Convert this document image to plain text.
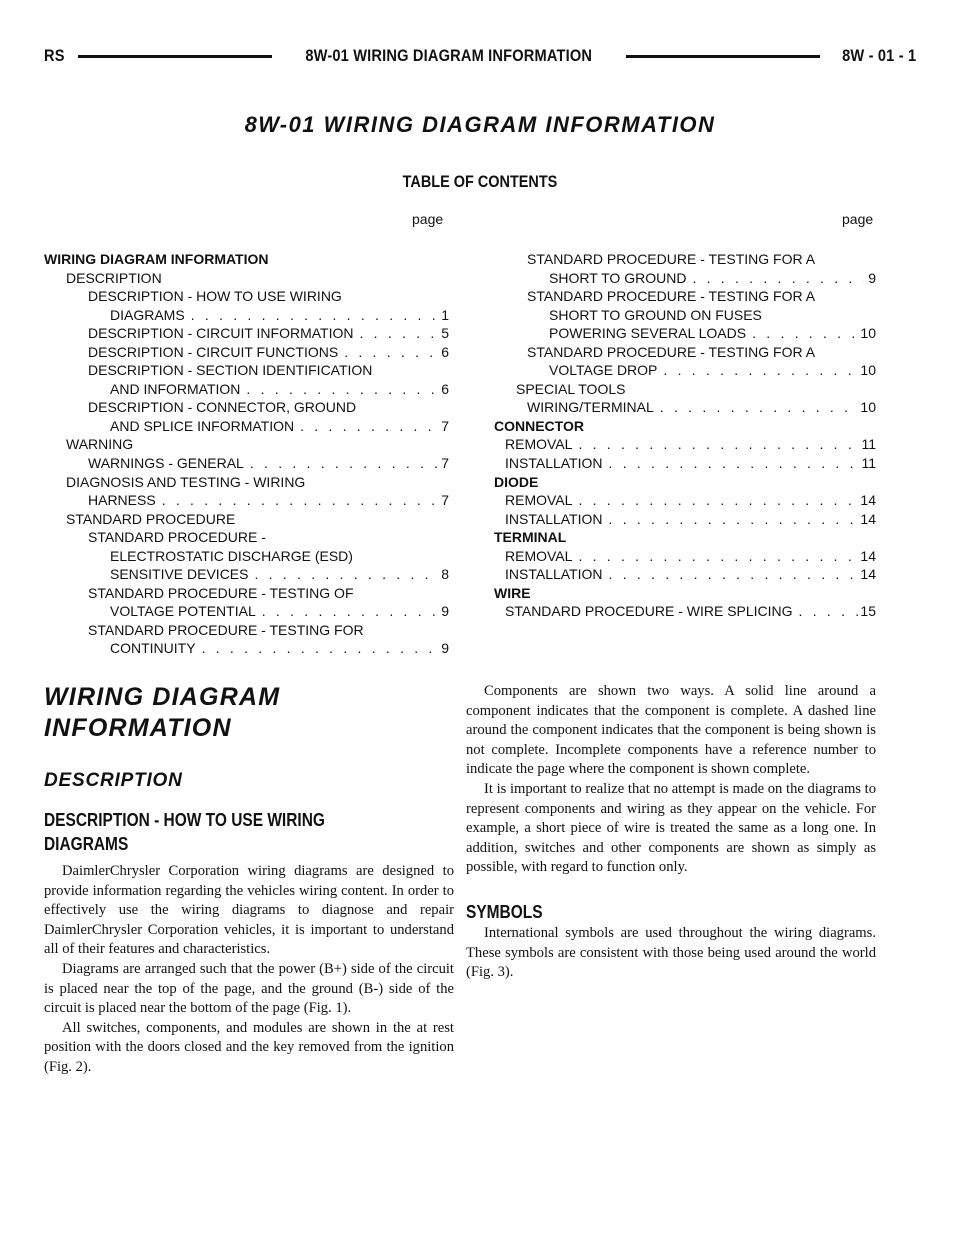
RS	8W-01 WIRING DIAGRAM INFORMATION	8W - 01 - 1
8W-01 WIRING DIAGRAM INFORMATION
TABLE OF CONTENTS
page	page
WIRING DIAGRAM INFORMATION
DESCRIPTION
DESCRIPTION - HOW TO USE WIRING
DIAGRAMS . . .	1
DESCRIPTION - CIRCUIT INFORMATION . . .	5
DESCRIPTION - CIRCUIT FUNCTIONS . . .	6
DESCRIPTION - SECTION IDENTIFICATION
AND INFORMATION . . .	6
DESCRIPTION - CONNECTOR, GROUND
AND SPLICE INFORMATION . . .	7
WARNING
WARNINGS - GENERAL . . .	7
DIAGNOSIS AND TESTING - WIRING
HARNESS . . .	7
STANDARD PROCEDURE
STANDARD PROCEDURE -
ELECTROSTATIC DISCHARGE (ESD)
SENSITIVE DEVICES . . .	8
STANDARD PROCEDURE - TESTING OF
VOLTAGE POTENTIAL . . .	9
STANDARD PROCEDURE - TESTING FOR
CONTINUITY . . .	9
STANDARD PROCEDURE - TESTING FOR A
SHORT TO GROUND . . .	9
STANDARD PROCEDURE - TESTING FOR A
SHORT TO GROUND ON FUSES
POWERING SEVERAL LOADS . . .	10
STANDARD PROCEDURE - TESTING FOR A
VOLTAGE DROP . . .	10
SPECIAL TOOLS
WIRING/TERMINAL . . .	10
CONNECTOR
REMOVAL . . .	11
INSTALLATION . . .	11
DIODE
REMOVAL . . .	14
INSTALLATION . . .	14
TERMINAL
REMOVAL . . .	14
INSTALLATION . . .	14
WIRE
STANDARD PROCEDURE - WIRE SPLICING . . .	15
WIRING DIAGRAM
INFORMATION
DESCRIPTION
DESCRIPTION - HOW TO USE WIRING
DIAGRAMS

DaimlerChrysler Corporation wiring diagrams are designed to provide information regarding the vehicles wiring content. In order to effectively use the wiring diagrams to diagnose and repair DaimlerChrysler Corporation vehicles, it is important to understand all of their features and characteristics.

Diagrams are arranged such that the power (B+) side of the circuit is placed near the top of the page, and the ground (B-) side of the circuit is placed near the bottom of the page (Fig. 1).

All switches, components, and modules are shown in the at rest position with the doors closed and the key removed from the ignition (Fig. 2).

Components are shown two ways. A solid line around a component indicates that the component is complete. A dashed line around the component indicates that the component is being shown is not complete. Incomplete components have a reference number to indicate the page where the component is shown complete.

It is important to realize that no attempt is made on the diagrams to represent components and wiring as they appear on the vehicle. For example, a short piece of wire is treated the same as a long one. In addition, switches and other components are shown as simply as possible, with regard to function only.

SYMBOLS

International symbols are used throughout the wiring diagrams. These symbols are consistent with those being used around the world (Fig. 3).
